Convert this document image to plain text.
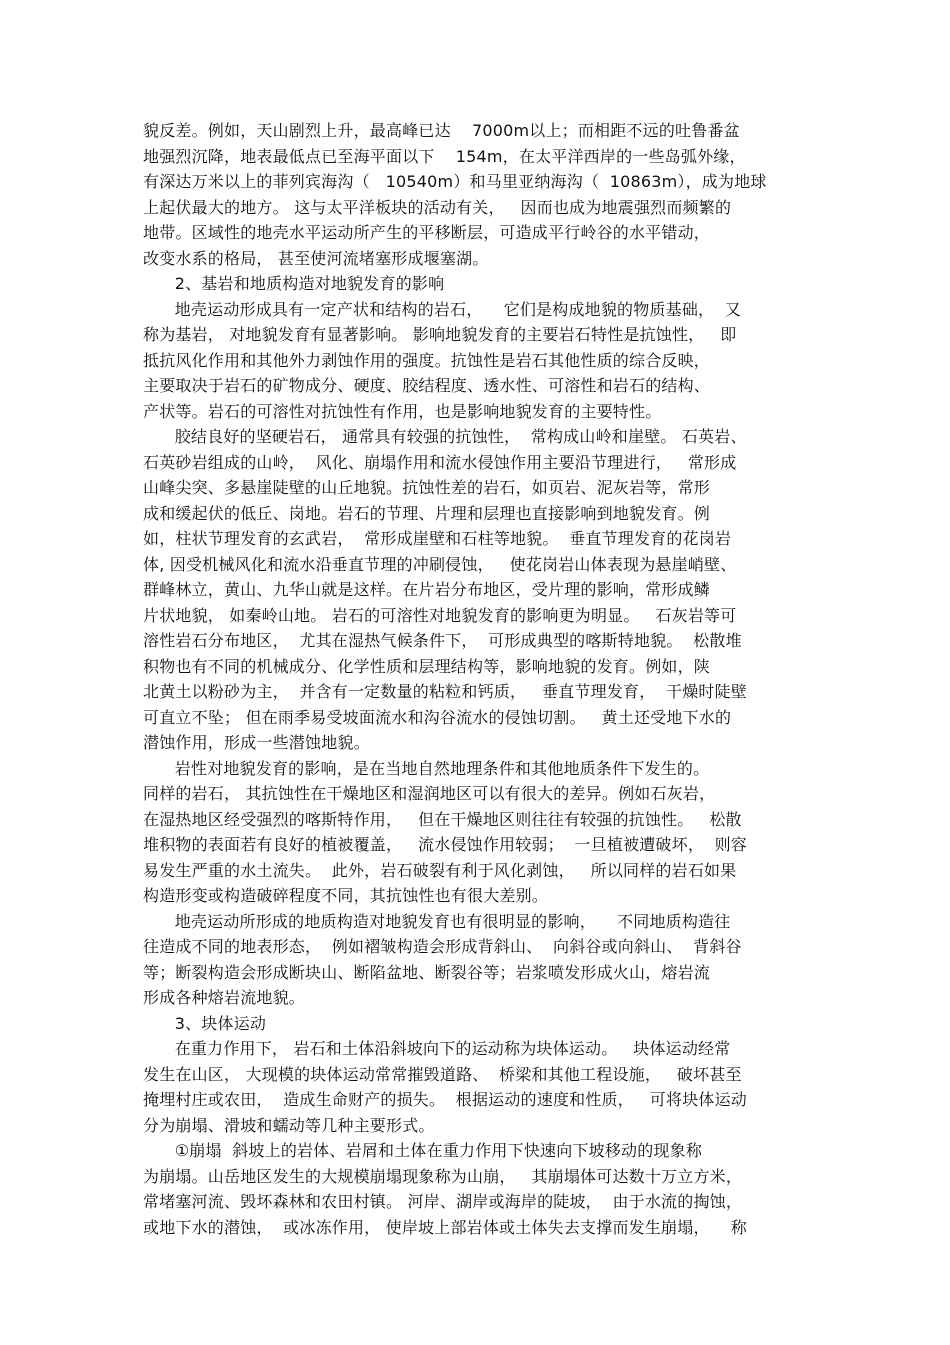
貌反差。例如，天山剧烈上升，最高峰已达    7000m以上；而相距不远的吐鲁番盆
地强烈沉降，地表最低点已至海平面以下    154m，在太平洋西岸的一些岛弧外缘，
有深达万米以上的菲列宾海沟（   10540m）和马里亚纳海沟（  10863m），成为地球
上起伏最大的地方。 这与太平洋板块的活动有关，   因而也成为地震强烈而频繁的
地带。区域性的地壳水平运动所产生的平移断层，可造成平行岭谷的水平错动，
改变水系的格局， 甚至使河流堵塞形成堰塞湖。
2、基岩和地质构造对地貌发育的影响
地壳运动形成具有一定产状和结构的岩石，    它们是构成地貌的物质基础，  又
称为基岩， 对地貌发育有显著影响。 影响地貌发育的主要岩石特性是抗蚀性，   即
抵抗风化作用和其他外力剥蚀作用的强度。抗蚀性是岩石其他性质的综合反映，
主要取决于岩石的矿物成分、硬度、胶结程度、透水性、可溶性和岩石的结构、
产状等。岩石的可溶性对抗蚀性有作用，也是影响地貌发育的主要特性。
胶结良好的坚硬岩石， 通常具有较强的抗蚀性，  常构成山岭和崖壁。 石英岩、
石英砂岩组成的山岭，  风化、崩塌作用和流水侵蚀作用主要沿节理进行，   常形成
山峰尖突、多悬崖陡壁的山丘地貌。抗蚀性差的岩石，如页岩、泥灰岩等，常形
成和缓起伏的低丘、岗地。岩石的节理、片理和层理也直接影响到地貌发育。例
如，柱状节理发育的玄武岩，  常形成崖壁和石柱等地貌。  垂直节理发育的花岗岩
体, 因受机械风化和流水沿垂直节理的冲刷侵蚀，   使花岗岩山体表现为悬崖峭壁、
群峰林立，黄山、九华山就是这样。在片岩分布地区，受片理的影响，常形成鳞
片状地貌， 如秦岭山地。 岩石的可溶性对地貌发育的影响更为明显。   石灰岩等可
溶性岩石分布地区，  尤其在湿热气候条件下，  可形成典型的喀斯特地貌。  松散堆
积物也有不同的机械成分、化学性质和层理结构等，影响地貌的发育。例如，陕
北黄土以粉砂为主，  并含有一定数量的粘粒和钙质，   垂直节理发育，  干燥时陡壁
可直立不坠； 但在雨季易受坡面流水和沟谷流水的侵蚀切割。   黄土还受地下水的
潜蚀作用，形成一些潜蚀地貌。
岩性对地貌发育的影响，是在当地自然地理条件和其他地质条件下发生的。
同样的岩石， 其抗蚀性在干燥地区和湿润地区可以有很大的差异。例如石灰岩，
在湿热地区经受强烈的喀斯特作用，   但在干燥地区则往往有较强的抗蚀性。   松散
堆积物的表面若有良好的植被覆盖，   流水侵蚀作用较弱；  一旦植被遭破坏，  则容
易发生严重的水土流失。  此外，岩石破裂有利于风化剥蚀，   所以同样的岩石如果
构造形变或构造破碎程度不同，其抗蚀性也有很大差别。
地壳运动所形成的地质构造对地貌发育也有很明显的影响，    不同地质构造往
往造成不同的地表形态，  例如褶皱构造会形成背斜山、  向斜谷或向斜山、  背斜谷
等；断裂构造会形成断块山、断陷盆地、断裂谷等；岩浆喷发形成火山，熔岩流
形成各种熔岩流地貌。
3、块体运动
在重力作用下， 岩石和土体沿斜坡向下的运动称为块体运动。   块体运动经常
发生在山区， 大现模的块体运动常常摧毁道路、  桥梁和其他工程设施，   破坏甚至
掩埋村庄或农田，  造成生命财产的损失。  根据运动的速度和性质，   可将块体运动
分为崩塌、滑坡和蠕动等几种主要形式。
①崩塌  斜坡上的岩体、岩屑和土体在重力作用下快速向下坡移动的现象称
为崩塌。山岳地区发生的大规模崩塌现象称为山崩，   其崩塌体可达数十万立方米，
常堵塞河流、毁坏森林和农田村镇。 河岸、湖岸或海岸的陡坡，  由于水流的掏蚀，
或地下水的潜蚀，  或冰冻作用， 使岸坡上部岩体或土体失去支撑而发生崩塌，    称
